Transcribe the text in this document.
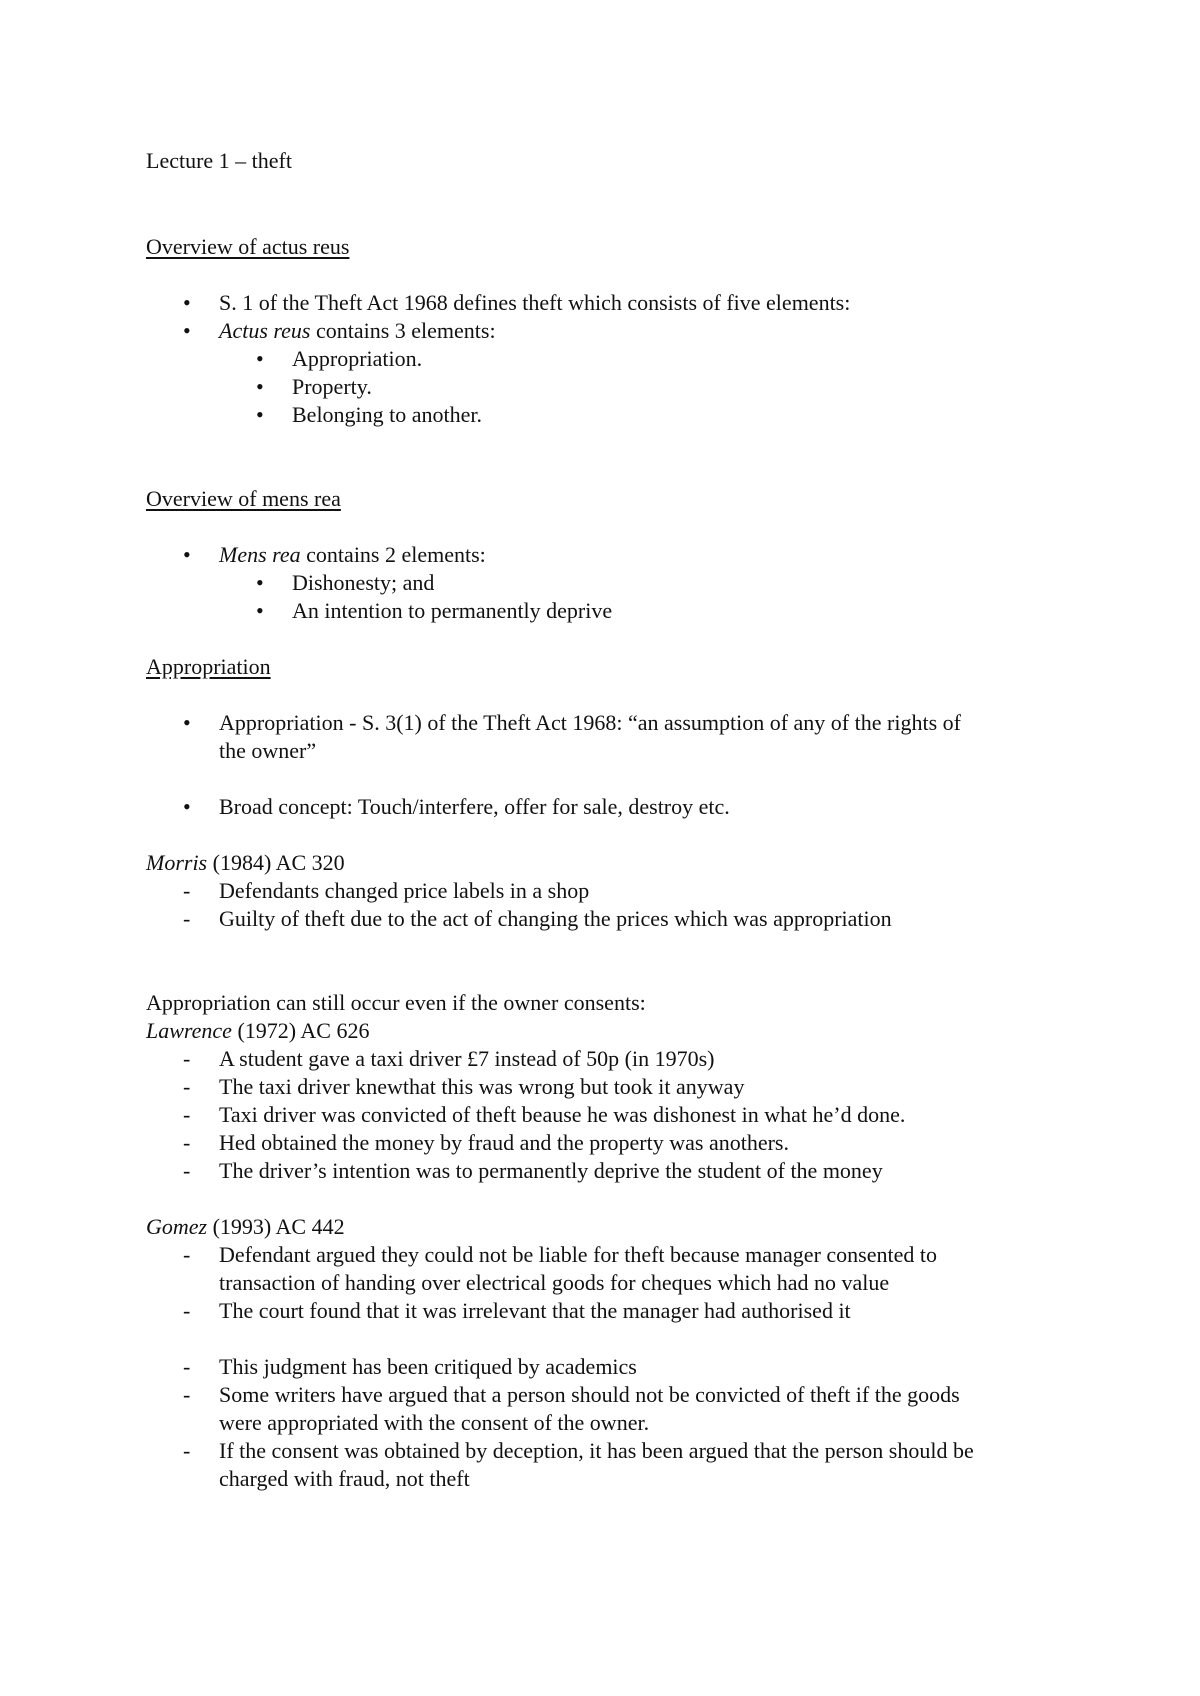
Lecture 1 – theft
Overview of actus reus
• S. 1 of the Theft Act 1968 defines theft which consists of five elements:
• Actus reus contains 3 elements:
• Appropriation.
• Property.
• Belonging to another.
Overview of mens rea
• Mens rea contains 2 elements:
• Dishonesty; and
• An intention to permanently deprive
Appropriation
• Appropriation - S. 3(1) of the Theft Act 1968: “an assumption of any of the rights of
the owner”
• Broad concept: Touch/interfere, offer for sale, destroy etc.
Morris (1984) AC 320
- Defendants changed price labels in a shop
- Guilty of theft due to the act of changing the prices which was appropriation
Appropriation can still occur even if the owner consents:
Lawrence (1972) AC 626
- A student gave a taxi driver £7 instead of 50p (in 1970s)
- The taxi driver knewthat this was wrong but took it anyway
- Taxi driver was convicted of theft beause he was dishonest in what he’d done.
- Hed obtained the money by fraud and the property was anothers.
- The driver’s intention was to permanently deprive the student of the money
Gomez (1993) AC 442
- Defendant argued they could not be liable for theft because manager consented to
transaction of handing over electrical goods for cheques which had no value
- The court found that it was irrelevant that the manager had authorised it
- This judgment has been critiqued by academics
- Some writers have argued that a person should not be convicted of theft if the goods
were appropriated with the consent of the owner.
- If the consent was obtained by deception, it has been argued that the person should be
charged with fraud, not theft
